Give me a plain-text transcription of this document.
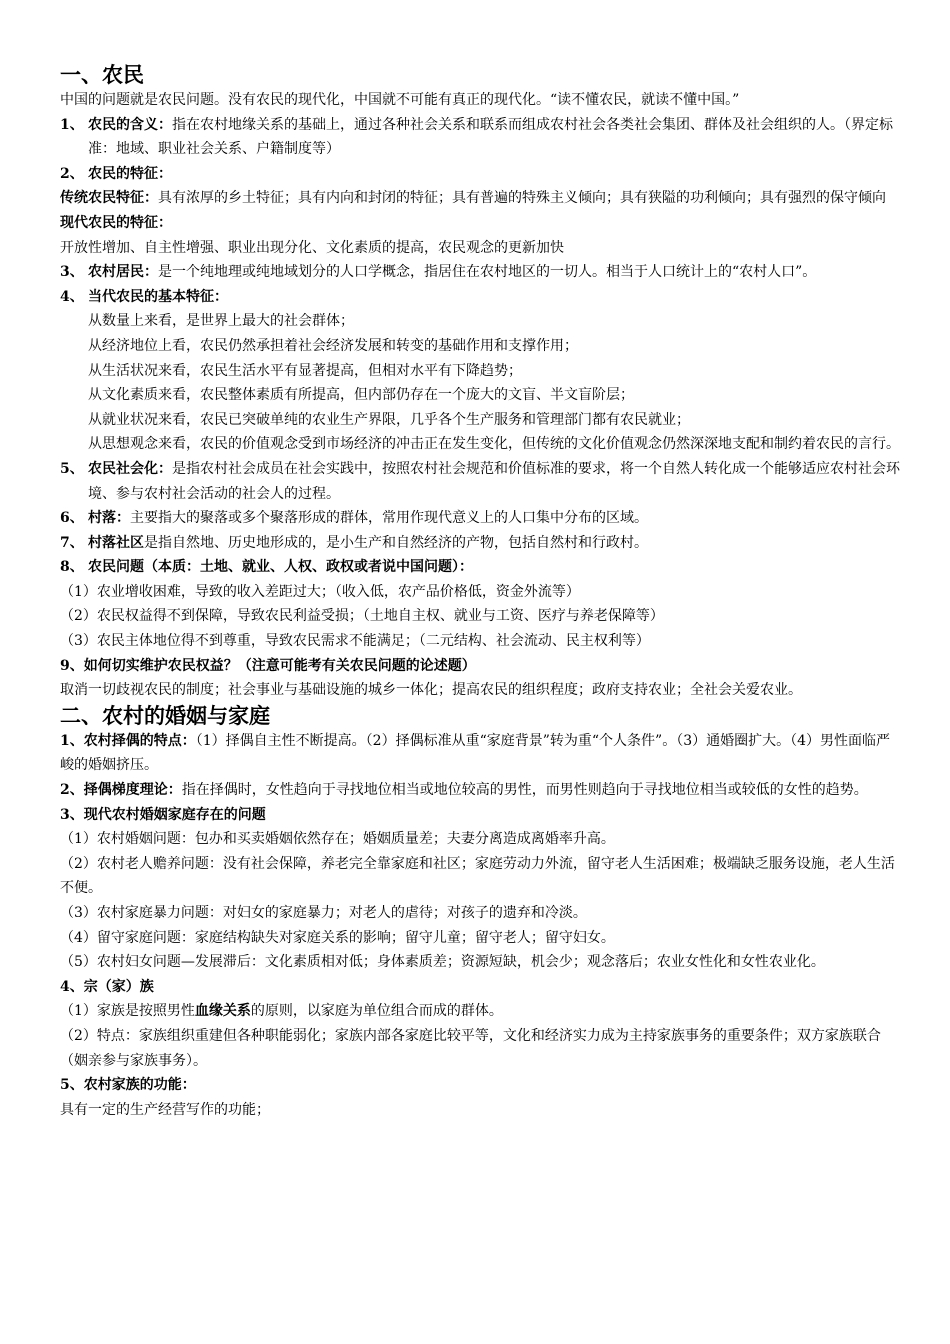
一、农民

中国的问题就是农民问题。没有农民的现代化，中国就不可能有真正的现代化。“读不懂农民，就读不懂中国。”

1、 农民的含义：指在农村地缘关系的基础上，通过各种社会关系和联系而组成农村社会各类社会集团、群体及社会组织的人。（界定标准：地域、职业社会关系、户籍制度等）

2、 农民的特征：

传统农民特征：具有浓厚的乡土特征；具有内向和封闭的特征；具有普遍的特殊主义倾向；具有狭隘的功利倾向；具有强烈的保守倾向

现代农民的特征：

开放性增加、自主性增强、职业出现分化、文化素质的提高，农民观念的更新加快

3、 农村居民：是一个纯地理或纯地域划分的人口学概念，指居住在农村地区的一切人。相当于人口统计上的“农村人口”。

4、 当代农民的基本特征：

从数量上来看，是世界上最大的社会群体；

从经济地位上看，农民仍然承担着社会经济发展和转变的基础作用和支撑作用；

从生活状况来看，农民生活水平有显著提高，但相对水平有下降趋势；

从文化素质来看，农民整体素质有所提高，但内部仍存在一个庞大的文盲、半文盲阶层；

从就业状况来看，农民已突破单纯的农业生产界限，几乎各个生产服务和管理部门都有农民就业；

从思想观念来看，农民的价值观念受到市场经济的冲击正在发生变化，但传统的文化价值观念仍然深深地支配和制约着农民的言行。

5、 农民社会化：是指农村社会成员在社会实践中，按照农村社会规范和价值标准的要求，将一个自然人转化成一个能够适应农村社会环境、参与农村社会活动的社会人的过程。

6、 村落：主要指大的聚落或多个聚落形成的群体，常用作现代意义上的人口集中分布的区域。

7、 村落社区是指自然地、历史地形成的，是小生产和自然经济的产物，包括自然村和行政村。

8、 农民问题（本质：土地、就业、人权、政权或者说中国问题）：

（1）农业增收困难，导致的收入差距过大；（收入低，农产品价格低，资金外流等）

（2）农民权益得不到保障，导致农民利益受损；（土地自主权、就业与工资、医疗与养老保障等）

（3）农民主体地位得不到尊重，导致农民需求不能满足；（二元结构、社会流动、民主权利等）

9、如何切实维护农民权益？（注意可能考有关农民问题的论述题）

取消一切歧视农民的制度；社会事业与基础设施的城乡一体化；提高农民的组织程度；政府支持农业；全社会关爱农业。

二、农村的婚姻与家庭

1、农村择偶的特点：（1）择偶自主性不断提高。（2）择偶标准从重“家庭背景”转为重“个人条件”。（3）通婚圈扩大。（4）男性面临严峻的婚姻挤压。

2、择偶梯度理论：指在择偶时，女性趋向于寻找地位相当或地位较高的男性，而男性则趋向于寻找地位相当或较低的女性的趋势。

3、现代农村婚姻家庭存在的问题

（1）农村婚姻问题：包办和买卖婚姻依然存在；婚姻质量差；夫妻分离造成离婚率升高。

（2）农村老人赡养问题：没有社会保障，养老完全靠家庭和社区；家庭劳动力外流，留守老人生活困难；极端缺乏服务设施，老人生活不便。

（3）农村家庭暴力问题：对妇女的家庭暴力；对老人的虐待；对孩子的遗弃和冷淡。

（4）留守家庭问题：家庭结构缺失对家庭关系的影响；留守儿童；留守老人；留守妇女。

（5）农村妇女问题—发展滞后：文化素质相对低；身体素质差；资源短缺，机会少；观念落后；农业女性化和女性农业化。

4、宗（家）族

（1）家族是按照男性血缘关系的原则，以家庭为单位组合而成的群体。

（2）特点：家族组织重建但各种职能弱化；家族内部各家庭比较平等，文化和经济实力成为主持家族事务的重要条件；双方家族联合（姻亲参与家族事务）。

5、农村家族的功能：

具有一定的生产经营写作的功能；
